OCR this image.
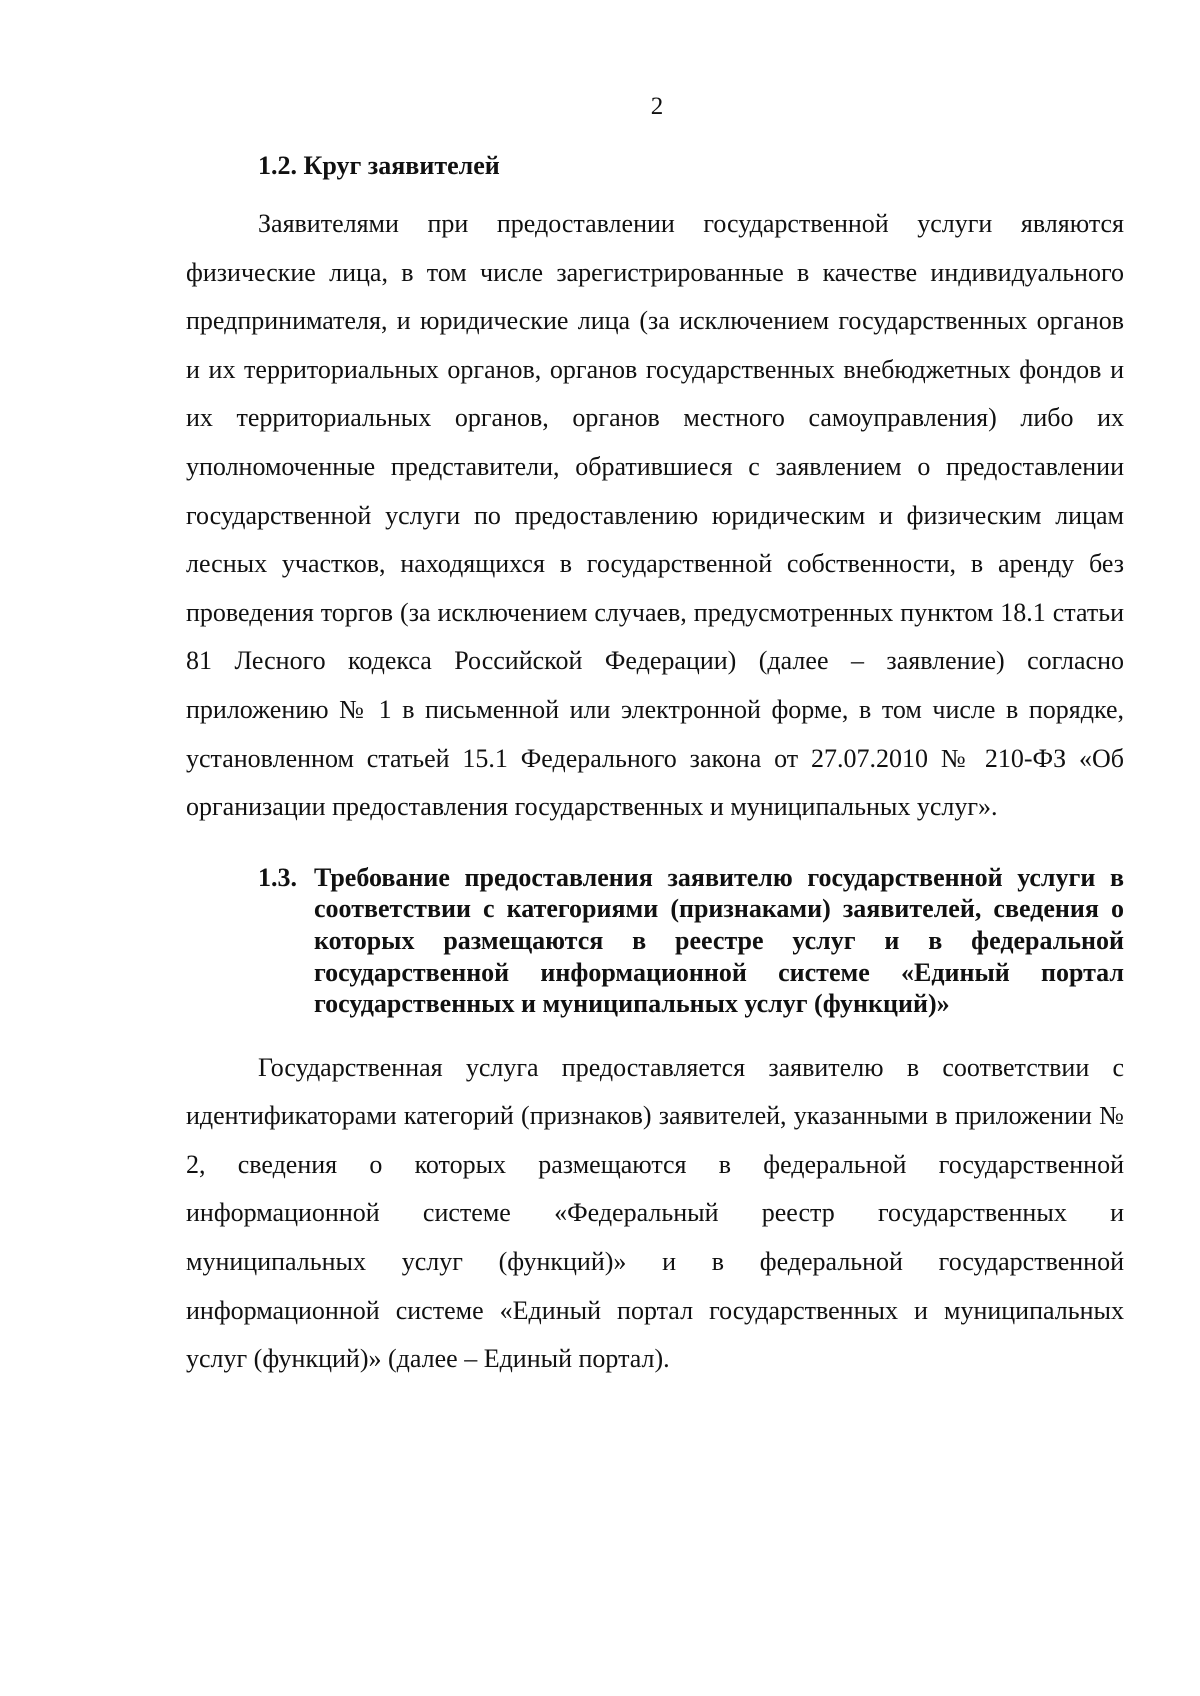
2
1.2. Круг заявителей

Заявителями при предоставлении государственной услуги являются физические лица, в том числе зарегистрированные в качестве индивидуального предпринимателя, и юридические лица (за исключением государственных органов и их территориальных органов, органов государственных внебюджетных фондов и их территориальных органов, органов местного самоуправления) либо их уполномоченные представители, обратившиеся с заявлением о предоставлении государственной услуги по предоставлению юридическим и физическим лицам лесных участков, находящихся в государственной собственности, в аренду без проведения торгов (за исключением случаев, предусмотренных пунктом 18.1 статьи 81 Лесного кодекса Российской Федерации) (далее – заявление) согласно приложению № 1 в письменной или электронной форме, в том числе в порядке, установленном статьей 15.1 Федерального закона от 27.07.2010 № 210-ФЗ «Об организации предоставления государственных и муниципальных услуг».

1.3. Требование предоставления заявителю государственной услуги в соответствии с категориями (признаками) заявителей, сведения о которых размещаются в реестре услуг и в федеральной государственной информационной системе «Единый портал государственных и муниципальных услуг (функций)»

Государственная услуга предоставляется заявителю в соответствии с идентификаторами категорий (признаков) заявителей, указанными в приложении № 2, сведения о которых размещаются в федеральной государственной информационной системе «Федеральный реестр государственных и муниципальных услуг (функций)» и в федеральной государственной информационной системе «Единый портал государственных и муниципальных услуг (функций)» (далее – Единый портал).
